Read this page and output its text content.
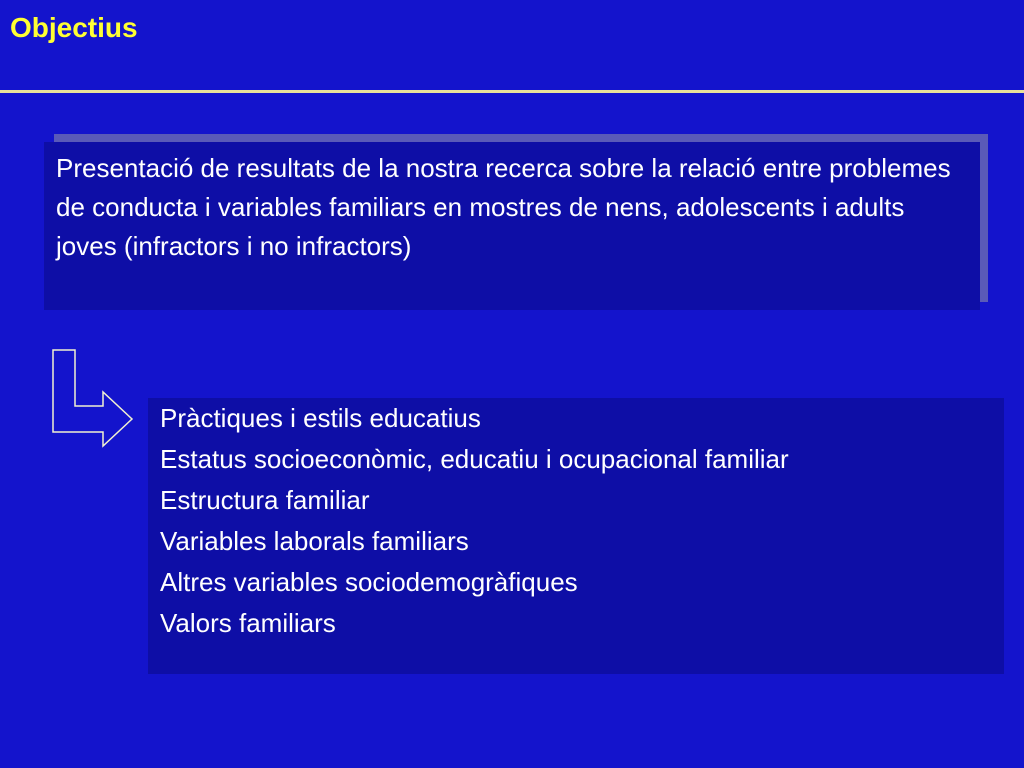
Objectius
Presentació de resultats de la nostra recerca sobre la relació entre problemes de conducta i variables familiars en mostres de nens, adolescents i adults joves (infractors i no infractors)
Pràctiques i estils educatius
Estatus socioeconòmic, educatiu i ocupacional familiar
Estructura familiar
Variables laborals familiars
Altres variables sociodemogràfiques
Valors familiars
